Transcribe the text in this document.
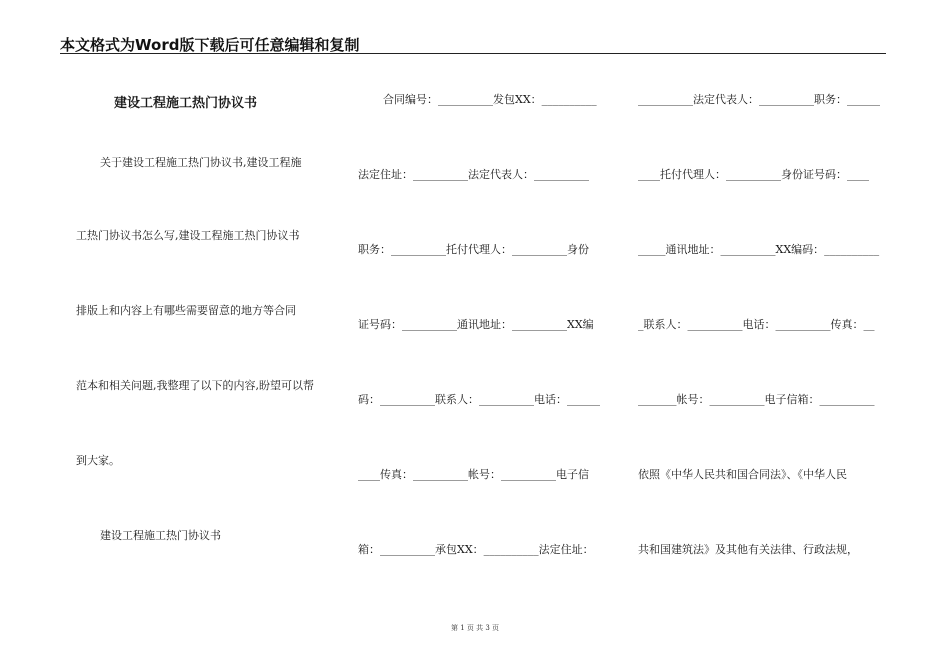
本文格式为Word版下载后可任意编辑和复制
建设工程施工热门协议书
关于建设工程施工热门协议书,建设工程施
工热门协议书怎么写,建设工程施工热门协议书
排版上和内容上有哪些需要留意的地方等合同
范本和相关问题,我整理了以下的内容,盼望可以帮
到大家。
建设工程施工热门协议书
合同编号：__________发包XX：__________
法定住址：__________法定代表人：__________
职务：__________托付代理人：__________身份
证号码：__________通讯地址：__________XX编
码：__________联系人：__________电话：______
____传真：__________帐号：__________电子信
箱：__________承包XX：__________法定住址：
__________法定代表人：__________职务：______
____托付代理人：__________身份证号码：____
_____通讯地址：__________XX编码：__________
_联系人：__________电话：__________传真：__
_______帐号：__________电子信箱：__________
依照《中华人民共和国合同法》、《中华人民
共和国建筑法》及其他有关法律、行政法规，
第 1 页 共 3 页
